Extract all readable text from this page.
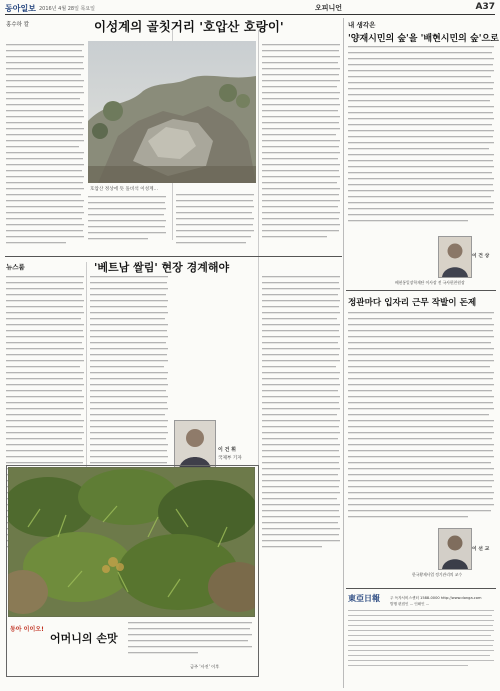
동아일보 2016년 4월 28일 목요일	오피니언	A37
홍수하 칼	이성계의 골칫거리 '호압산 호랑이'
호압산 정상에 뜻 돌비석 이성계...
뉴스룸	'베트남 쌀림' 현장 경계해야
이 건 휘
국제부 기자
내 생각은
'양재시민의 숲'을 '배현시민의 숲'으로
이 건 상
배현통일장학재단 이사장 전 국사편찬원장
정관마다 입자리 근무 작발이 돈제
이 선 교
한국황제사업 정기관리의 교수
동아 이이오!
어머니의 손맛
금주 '사진' 이후
東亞日報	주 독자서비스센터 1588-0000 http://www.donga.com
발행 편집인 ... 인쇄인 ...
